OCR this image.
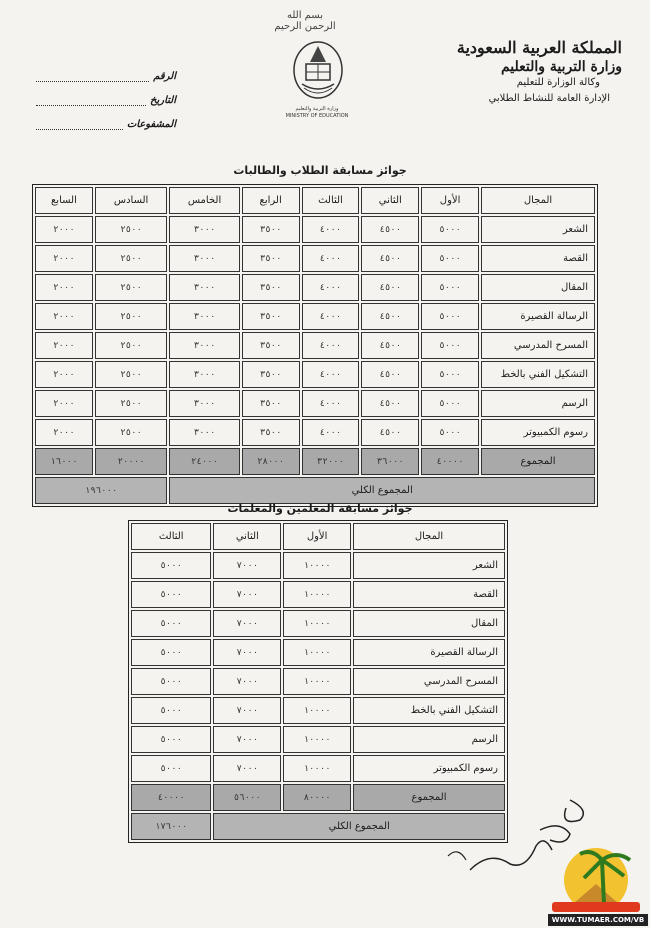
بسم الله الرحمن الرحيم
وزارة التربية والتعليم
MINISTRY OF EDUCATION
المملكة العربية السعودية
وزارة التربية والتعليم
وكالة الوزارة للتعليم
الإدارة العامة للنشاط الطلابي
الرقم
التاريخ
المشفوعات
جوائز مسابقة الطلاب والطالبات
المجال	الأول	الثاني	الثالث	الرابع	الخامس	السادس	السابع
الشعر	٥٠٠٠	٤٥٠٠	٤٠٠٠	٣٥٠٠	٣٠٠٠	٢٥٠٠	٢٠٠٠
القصة	٥٠٠٠	٤٥٠٠	٤٠٠٠	٣٥٠٠	٣٠٠٠	٢٥٠٠	٢٠٠٠
المقال	٥٠٠٠	٤٥٠٠	٤٠٠٠	٣٥٠٠	٣٠٠٠	٢٥٠٠	٢٠٠٠
الرسالة القصيرة	٥٠٠٠	٤٥٠٠	٤٠٠٠	٣٥٠٠	٣٠٠٠	٢٥٠٠	٢٠٠٠
المسرح المدرسي	٥٠٠٠	٤٥٠٠	٤٠٠٠	٣٥٠٠	٣٠٠٠	٢٥٠٠	٢٠٠٠
التشكيل الفني بالخط	٥٠٠٠	٤٥٠٠	٤٠٠٠	٣٥٠٠	٣٠٠٠	٢٥٠٠	٢٠٠٠
الرسم	٥٠٠٠	٤٥٠٠	٤٠٠٠	٣٥٠٠	٣٠٠٠	٢٥٠٠	٢٠٠٠
رسوم الكمبيوتر	٥٠٠٠	٤٥٠٠	٤٠٠٠	٣٥٠٠	٣٠٠٠	٢٥٠٠	٢٠٠٠
المجموع	٤٠٠٠٠	٣٦٠٠٠	٣٢٠٠٠	٢٨٠٠٠	٢٤٠٠٠	٢٠٠٠٠	١٦٠٠٠
المجموع الكلي						١٩٦٠٠٠	
جوائز مسابقة المعلمين والمعلمات
المجال	الأول	الثاني	الثالث
الشعر	١٠٠٠٠	٧٠٠٠	٥٠٠٠
القصة	١٠٠٠٠	٧٠٠٠	٥٠٠٠
المقال	١٠٠٠٠	٧٠٠٠	٥٠٠٠
الرسالة القصيرة	١٠٠٠٠	٧٠٠٠	٥٠٠٠
المسرح المدرسي	١٠٠٠٠	٧٠٠٠	٥٠٠٠
التشكيل الفني بالخط	١٠٠٠٠	٧٠٠٠	٥٠٠٠
الرسم	١٠٠٠٠	٧٠٠٠	٥٠٠٠
رسوم الكمبيوتر	١٠٠٠٠	٧٠٠٠	٥٠٠٠
المجموع	٨٠٠٠٠	٥٦٠٠٠	٤٠٠٠٠
المجموع الكلي			١٧٦٠٠٠
WWW.TUMAER.COM/VB
